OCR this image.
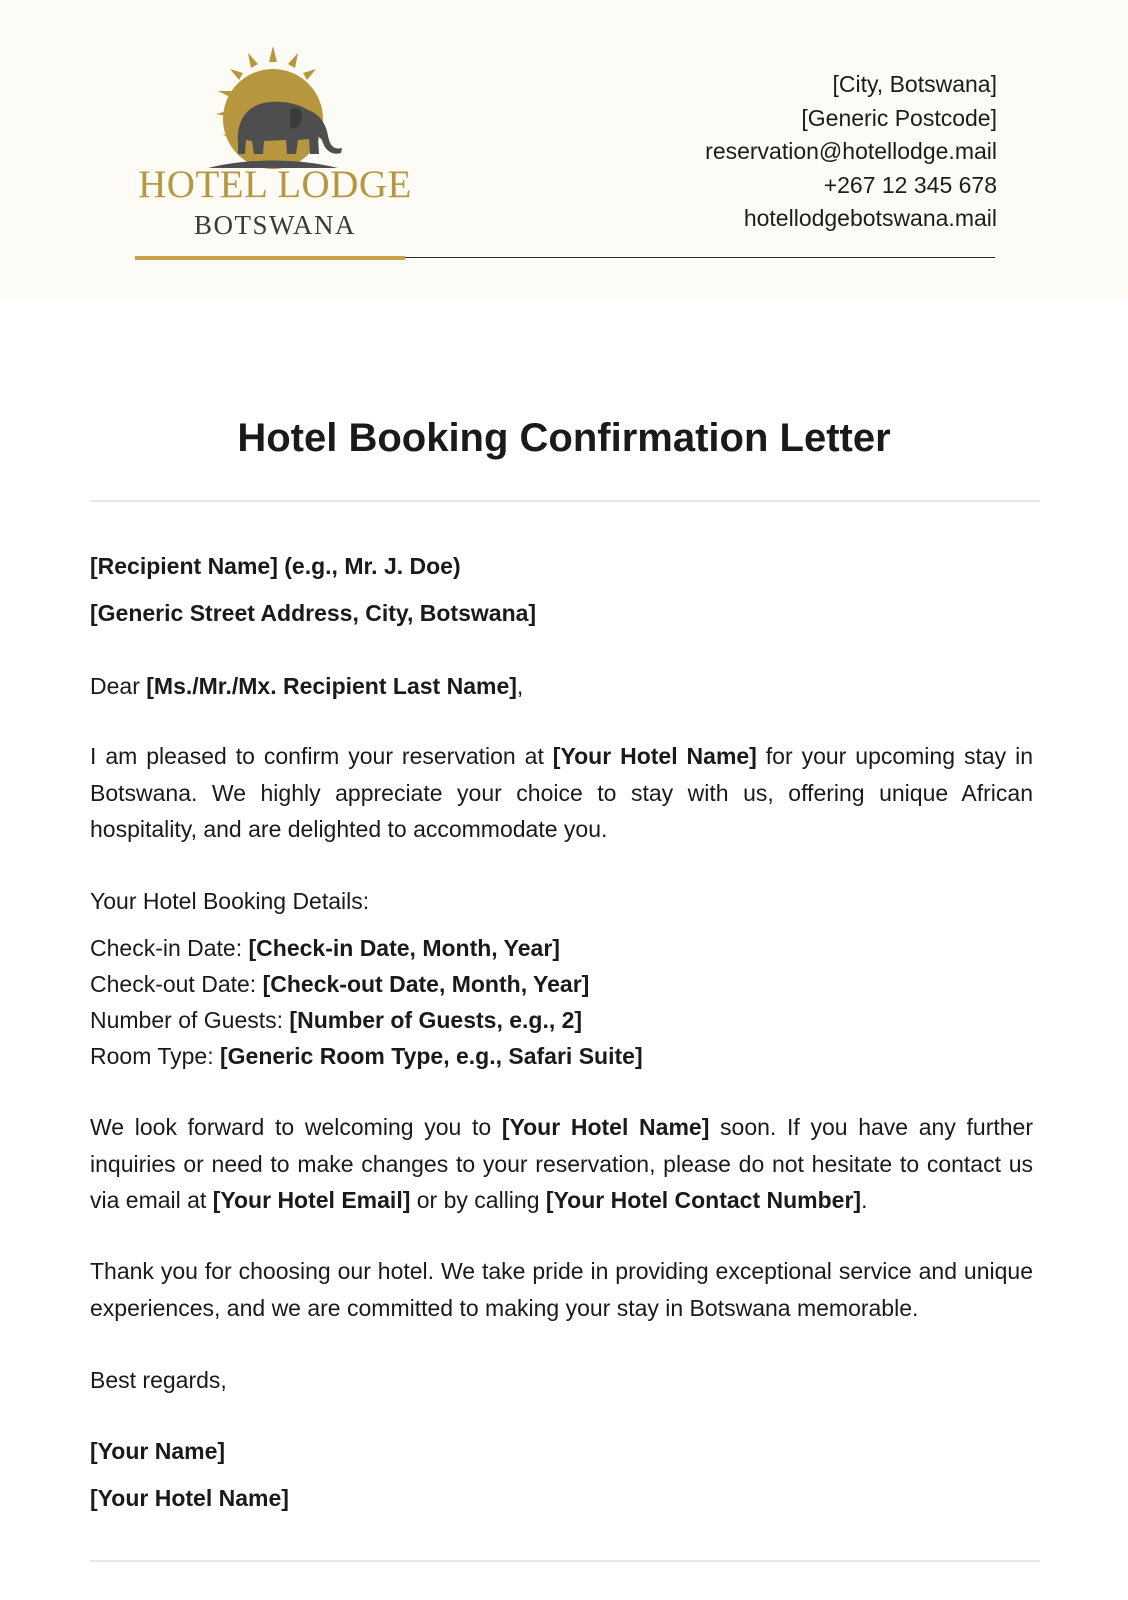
HOTEL LODGE
BOTSWANA
[City, Botswana]
[Generic Postcode]
reservation@hotellodge.mail
+267 12 345 678
hotellodgebotswana.mail
Hotel Booking Confirmation Letter
[Recipient Name] (e.g., Mr. J. Doe)
[Generic Street Address, City, Botswana]
Dear [Ms./Mr./Mx. Recipient Last Name],
I am pleased to confirm your reservation at [Your Hotel Name] for your upcoming stay in Botswana. We highly appreciate your choice to stay with us, offering unique African hospitality, and are delighted to accommodate you.
Your Hotel Booking Details:
Check-in Date: [Check-in Date, Month, Year]
Check-out Date: [Check-out Date, Month, Year]
Number of Guests: [Number of Guests, e.g., 2]
Room Type: [Generic Room Type, e.g., Safari Suite]
We look forward to welcoming you to [Your Hotel Name] soon. If you have any further inquiries or need to make changes to your reservation, please do not hesitate to contact us via email at [Your Hotel Email] or by calling [Your Hotel Contact Number].
Thank you for choosing our hotel. We take pride in providing exceptional service and unique experiences, and we are committed to making your stay in Botswana memorable.
Best regards,
[Your Name]
[Your Hotel Name]
